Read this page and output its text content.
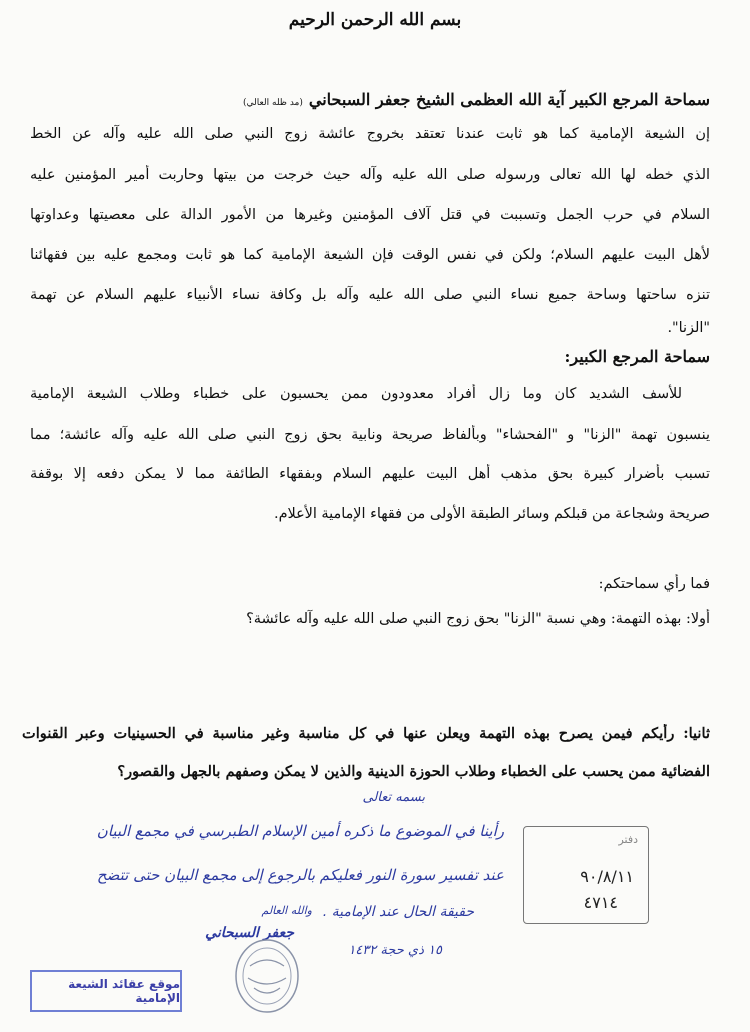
بسم الله الرحمن الرحيم
سماحة المرجع الكبير آية الله العظمى الشيخ جعفر السبحاني(مد ظله العالي)
إن الشيعة الإمامية كما هو ثابت عندنا تعتقد بخروج عائشة زوج النبي صلى الله عليه وآله عن الخط
الذي خطه لها الله تعالى ورسوله صلى الله عليه وآله حيث خرجت من بيتها وحاربت أمير المؤمنين عليه
السلام في حرب الجمل وتسببت في قتل آلاف المؤمنين وغيرها من الأمور الدالة على معصيتها وعداوتها
لأهل البيت عليهم السلام؛ ولكن في نفس الوقت فإن الشيعة الإمامية كما هو ثابت ومجمع عليه بين فقهائنا
تنزه ساحتها وساحة جميع نساء النبي صلى الله عليه وآله بل وكافة نساء الأنبياء عليهم السلام عن تهمة
"الزنا".
سماحة المرجع الكبير:
للأسف الشديد كان وما زال أفراد معدودون ممن يحسبون على خطباء وطلاب الشيعة الإمامية
ينسبون تهمة "الزنا" و "الفحشاء" وبألفاظ صريحة ونابية بحق زوج النبي صلى الله عليه وآله عائشة؛ مما
تسبب بأضرار كبيرة بحق مذهب أهل البيت عليهم السلام وبفقهاء الطائفة مما لا يمكن دفعه إلا بوقفة
صريحة وشجاعة من قبلكم وسائر الطبقة الأولى من فقهاء الإمامية الأعلام.
فما رأي سماحتكم:
أولا: بهذه التهمة: وهي نسبة "الزنا" بحق زوج النبي صلى الله عليه وآله عائشة؟
ثانيا: رأيكم فيمن يصرح بهذه التهمة ويعلن عنها في كل مناسبة وغير مناسبة في الحسينيات وعبر القنوات
الفضائية ممن يحسب على الخطباء وطلاب الحوزة الدينية والذين لا يمكن وصفهم بالجهل والقصور؟
بسمه تعالى
رأينا في الموضوع ما ذكره أمين الإسلام الطبرسي في مجمع البيان
عند تفسير سورة النور فعليكم بالرجوع إلى مجمع البيان حتى تتضح
حقيقة الحال عند الإمامية .
والله العالم
جعفر السبحاني
١٥ ذي حجة ١٤٣٢
دفتر
٩٠/٨/١١
٤٧١٤
موقع عقائد الشيعة الإمامية
